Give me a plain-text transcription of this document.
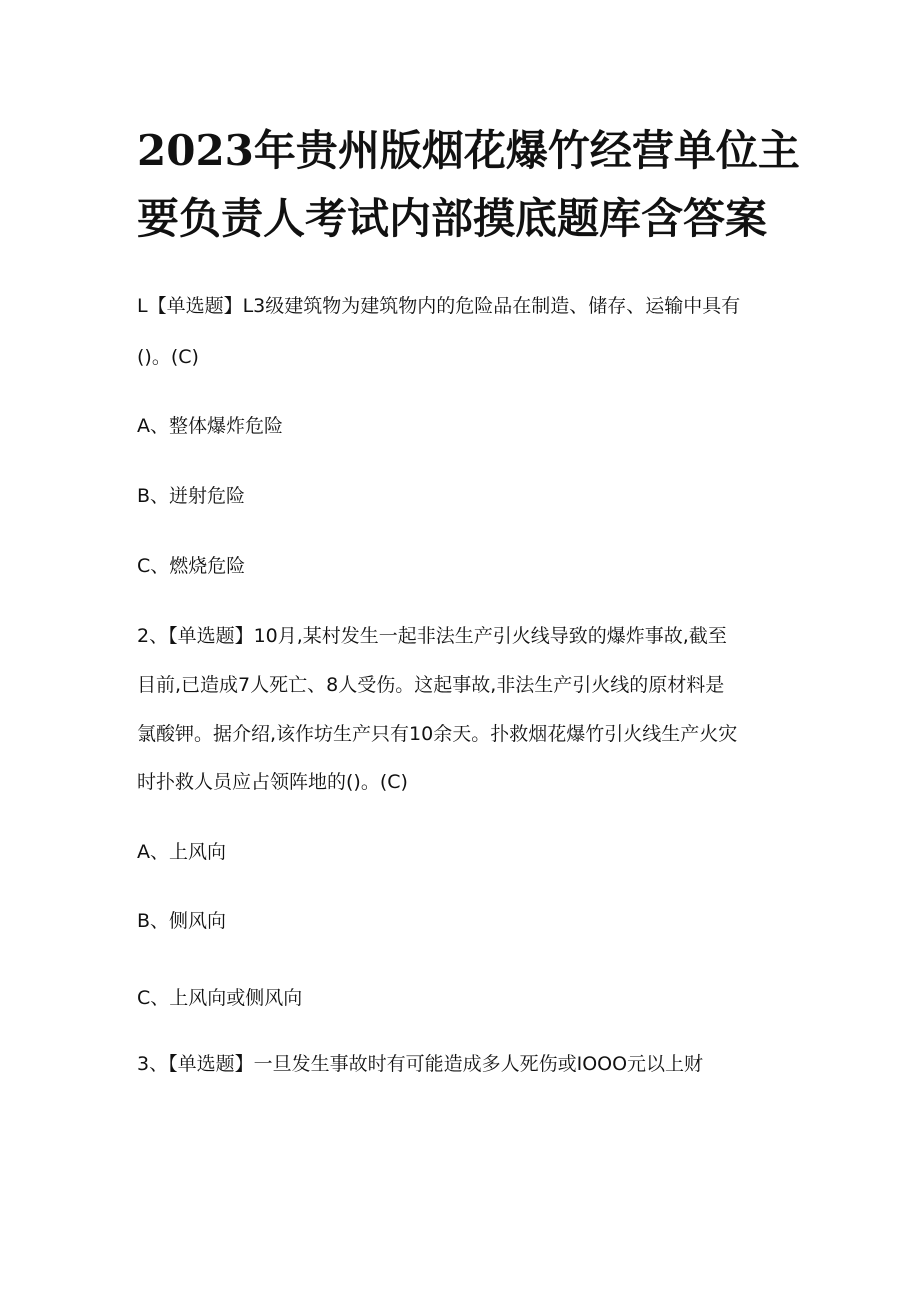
2023年贵州版烟花爆竹经营单位主
要负责人考试内部摸底题库含答案

L【单选题】L3级建筑物为建筑物内的危险品在制造、储存、运输中具有

()。(C)

A、整体爆炸危险

B、迸射危险

C、燃烧危险

2、【单选题】10月,某村发生一起非法生产引火线导致的爆炸事故,截至

目前,已造成7人死亡、8人受伤。这起事故,非法生产引火线的原材料是

氯酸钾。据介绍,该作坊生产只有10余天。扑救烟花爆竹引火线生产火灾

时扑救人员应占领阵地的()。(C)

A、上风向

B、侧风向

C、上风向或侧风向

3、【单选题】一旦发生事故时有可能造成多人死伤或IOOO元以上财
